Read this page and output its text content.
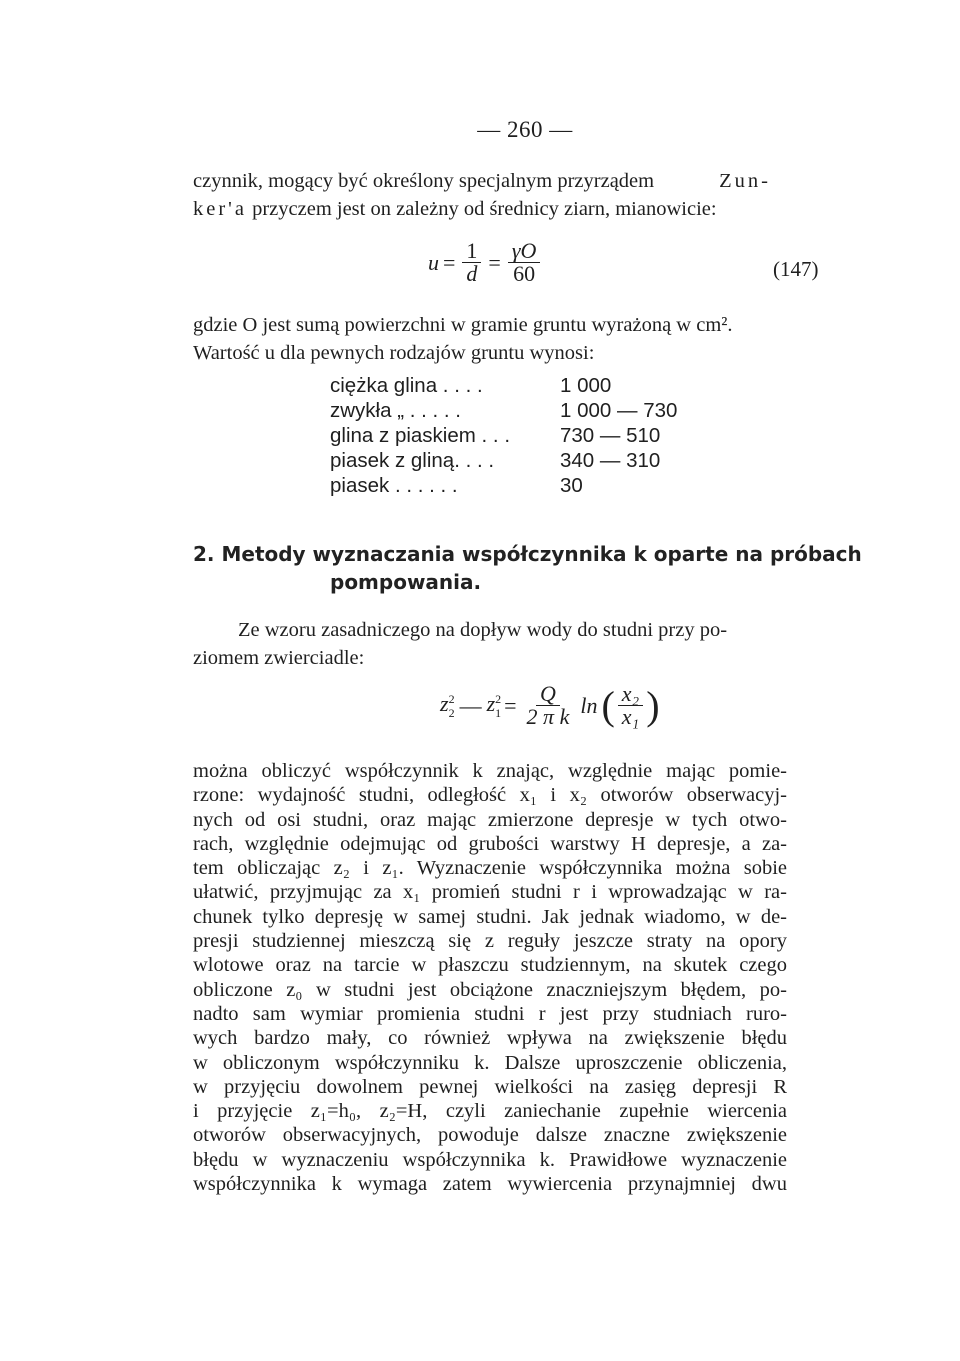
— 260 —
czynnik, mogący być określony specjalnym przyrządem	Zun-
ker'a przyczem jest on zależny od średnicy ziarn, mianowicie:
$u = \frac{1}{d} = \frac{\gamma O}{60}$	(147)
gdzie O jest sumą powierzchni w gramie gruntu wyrażoną w cm².
Wartość u dla pewnych rodzajów gruntu wynosi:
ciężka glina . . . .	1 000
zwykła „ . . . . .	1 000 — 730
glina z piaskiem . . .	730 — 510
piasek z gliną. . . .	340 — 310
piasek . . . . . .	30
2. Metody wyznaczania współczynnika k oparte na próbach
pompowania.
Ze wzoru zasadniczego na dopływ wody do studni przy po-
ziomem zwierciadle:
z 2
2 — z 2
$1 = \frac{Q}{\text{2 π k}}$ ln ( $\frac{\text{x₂}}{\text{x₁}}$ )
można obliczyć współczynnik k znając, względnie mając pomie-
rzone: wydajność studni, odległość x₁ i x₂ otworów obserwacyj-
nych od osi studni, oraz mając zmierzone depresje w tych otwo-
rach, względnie odejmując od grubości warstwy H depresje, a za-
tem obliczając z₂ i z₁. Wyznaczenie współczynnika można sobie
ułatwić, przyjmując za x₁ promień studni r i wprowadzając w ra-
chunek tylko depresję w samej studni. Jak jednak wiadomo, w de-
presji studziennej mieszczą się z reguły jeszcze straty na opory
wlotowe oraz na tarcie w płaszczu studziennym, na skutek czego
obliczone z₀ w studni jest obciążone znaczniejszym błędem, po-
nadto sam wymiar promienia studni r jest przy studniach ruro-
wych bardzo mały, co również wpływa na zwiększenie błędu
w obliczonym współczynniku k. Dalsze uproszczenie obliczenia,
w przyjęciu dowolnem pewnej wielkości na zasięg depresji R
i przyjęcie z₁=h₀, z₂=H, czyli zaniechanie zupełnie wiercenia
otworów obserwacyjnych, powoduje dalsze znaczne zwiększenie
błędu w wyznaczeniu współczynnika k. Prawidłowe wyznaczenie
współczynnika k wymaga zatem wywiercenia przynajmniej dwu
